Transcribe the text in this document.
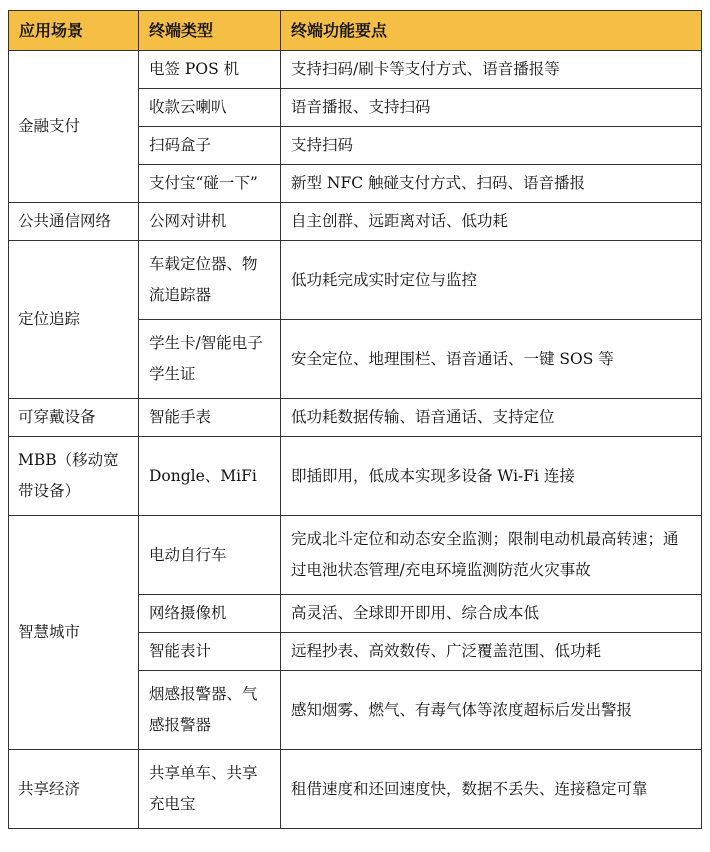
应用场景	终端类型	终端功能要点
金融支付	电签 POS 机	支持扫码/刷卡等支付方式、语音播报等
	收款云喇叭	语音播报、支持扫码
	扫码盒子	支持扫码
	支付宝“碰一下”	新型 NFC 触碰支付方式、扫码、语音播报
公共通信网络	公网对讲机	自主创群、远距离对话、低功耗
定位追踪	车载定位器、物流追踪器	低功耗完成实时定位与监控
	学生卡/智能电子学生证	安全定位、地理围栏、语音通话、一键 SOS 等
可穿戴设备	智能手表	低功耗数据传输、语音通话、支持定位
MBB（移动宽带设备）	Dongle、MiFi	即插即用，低成本实现多设备 Wi-Fi 连接
智慧城市	电动自行车	完成北斗定位和动态安全监测；限制电动机最高转速；通过电池状态管理/充电环境监测防范火灾事故
	网络摄像机	高灵活、全球即开即用、综合成本低
	智能表计	远程抄表、高效数传、广泛覆盖范围、低功耗
	烟感报警器、气感报警器	感知烟雾、燃气、有毒气体等浓度超标后发出警报
共享经济	共享单车、共享充电宝	租借速度和还回速度快，数据不丢失、连接稳定可靠
